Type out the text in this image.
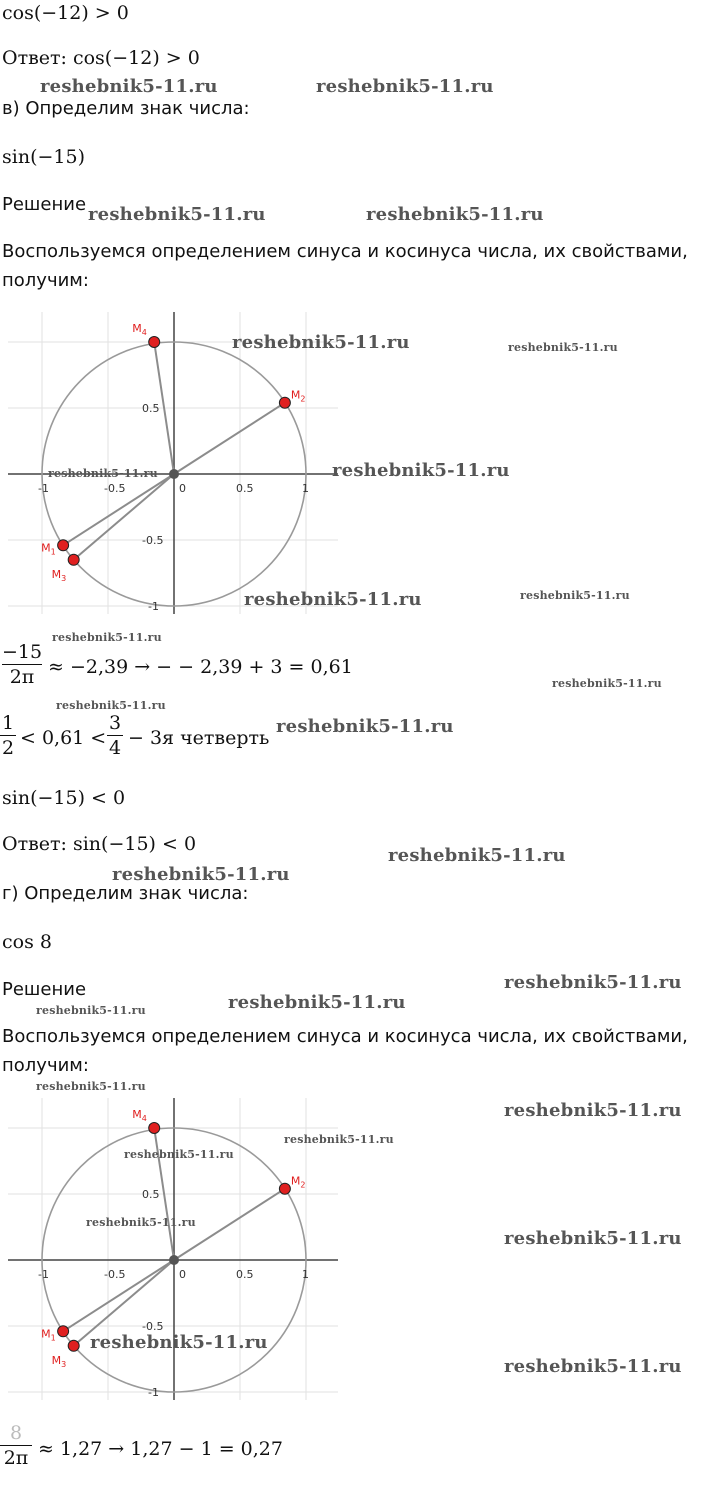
cos(−12) > 0
Ответ: cos(−12) > 0
в) Определим знак числа:
sin(−15)
Решение
Воспользуемся определением синуса и косинуса числа, их свойствами,
получим:
-1	-0.5	0	0.5	1
0.5
-0.5
-1
$M_4$
$M_2$
$M_1$
$M_3$
−15
2π ≈ −2,39 → − − 2,39 + 3 = 0,61
1
2 < 0,61 <
3
4 − 3я четверть
sin(−15) < 0
Ответ: sin(−15) < 0
г) Определим знак числа:
cos 8
Решение
Воспользуемся определением синуса и косинуса числа, их свойствами,
получим:
-1	-0.5	0	0.5	1
0.5
-0.5
-1
$M_4$
$M_2$
$M_1$
$M_3$
8
2π ≈ 1,27 → 1,27 − 1 = 0,27
reshebnik5-11.ru	reshebnik5-11.ru
reshebnik5-11.ru	reshebnik5-11.ru
reshebnik5-11.ru	reshebnik5-11.ru
reshebnik5-11.ru
reshebnik5-11.ru
reshebnik5-11.ru	reshebnik5-11.ru
reshebnik5-11.ru
reshebnik5-11.ru
reshebnik5-11.ru
reshebnik5-11.ru
reshebnik5-11.ru
reshebnik5-11.ru
reshebnik5-11.ru
reshebnik5-11.ru
reshebnik5-11.ru
reshebnik5-11.ru
reshebnik5-11.ru
reshebnik5-11.ru
reshebnik5-11.ru
reshebnik5-11.ru
reshebnik5-11.ru
reshebnik5-11.ru
reshebnik5-11.ru
